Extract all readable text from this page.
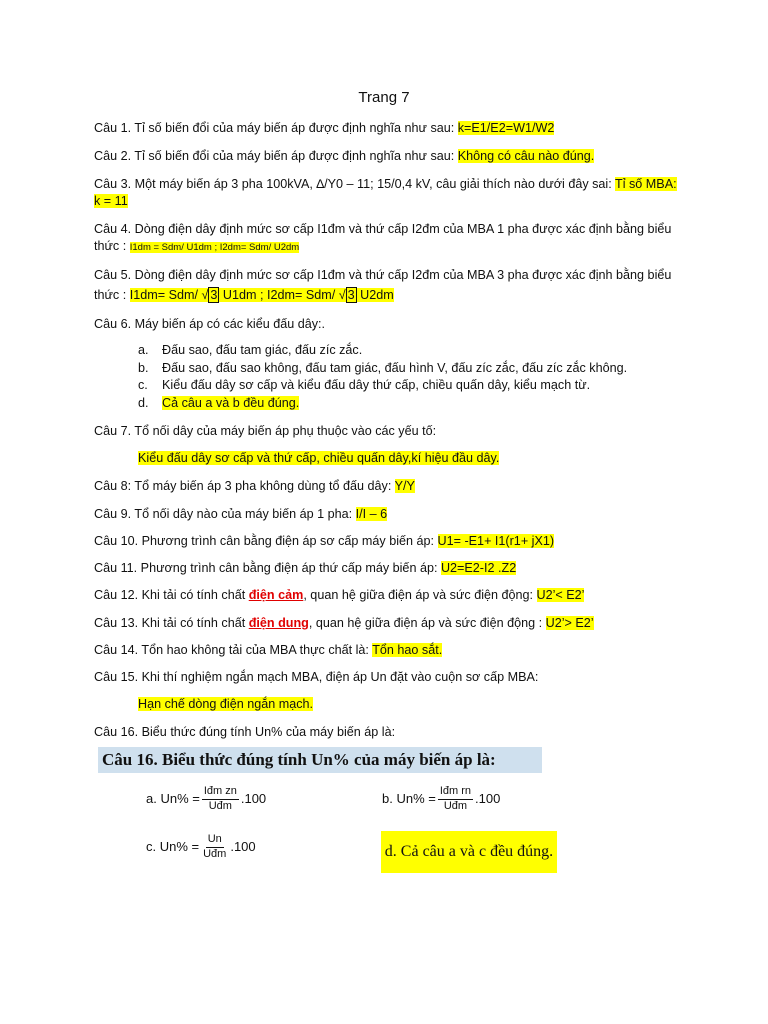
Trang 7
Câu 1. Tỉ số biến đổi của máy biến áp được định nghĩa như sau: k=E1/E2=W1/W2
Câu 2. Tỉ số biến đổi của máy biến áp được định nghĩa như sau: Không có câu nào đúng.
Câu 3. Một máy biến áp 3 pha 100kVA, ∆/Y0 – 11; 15/0,4 kV, câu giải thích nào dưới đây sai: Tỉ số MBA: k = 11
Câu 4. Dòng điện dây định mức sơ cấp I1đm và thứ cấp I2đm của MBA 1 pha được xác định bằng biểu thức : I1dm = Sdm/ U1dm ; I2dm= Sdm/ U2dm
Câu 5. Dòng điện dây định mức sơ cấp I1đm và thứ cấp I2đm của MBA 3 pha được xác định bằng biểu thức : I1dm= Sdm/ √ 3 U1dm ; I2dm= Sdm/ √ 3 U2dm
Câu 6. Máy biến áp có các kiểu đấu dây:.
a. Đấu sao, đấu tam giác, đấu zíc zắc.
b. Đấu sao, đấu sao không, đấu tam giác, đấu hình V, đấu zíc zắc, đấu zíc zắc không.
c. Kiểu đấu dây sơ cấp và kiểu đấu dây thứ cấp, chiều quấn dây, kiểu mạch từ.
d. Cả câu a và b đều đúng.
Câu 7. Tổ nối dây của máy biến áp phụ thuộc vào các yếu tố:
Kiểu đấu dây sơ cấp và thứ cấp, chiều quấn dây,kí hiệu đầu dây.
Câu 8: Tổ máy biến áp 3 pha không dùng tổ đấu dây: Y/Y
Câu 9. Tổ nối dây nào của máy biến áp 1 pha: I/I – 6
Câu 10. Phương trình cân bằng điện áp sơ cấp máy biến áp: U1= -E1+ I1(r1+ jX1)
Câu 11. Phương trình cân bằng điện áp thứ cấp máy biến áp: U2=E2-I2 .Z2
Câu 12. Khi tải có tính chất điện cảm, quan hệ giữa điện áp và sức điện động: U2’< E2’
Câu 13. Khi tải có tính chất điện dung, quan hệ giữa điện áp và sức điện động : U2’> E2’
Câu 14. Tổn hao không tải của MBA thực chất là: Tổn hao sắt.
Câu 15. Khi thí nghiệm ngắn mạch MBA, điện áp Un đặt vào cuộn sơ cấp MBA:
Hạn chế dòng điện ngắn mạch.
Câu 16. Biểu thức đúng tính Un% của máy biến áp là:
Câu 16. Biểu thức đúng tính Un% của máy biến áp là:
a. $Un\% = \frac{\text{Iđm zn}}{\text{Uđm}} .100$	b. $Un\% = \frac{\text{Iđm rn}}{\text{Uđm}} .100$
c. $Un\% = \frac{Un}{\text{Uđm}} .100$	d. Cả câu a và c đều đúng.
